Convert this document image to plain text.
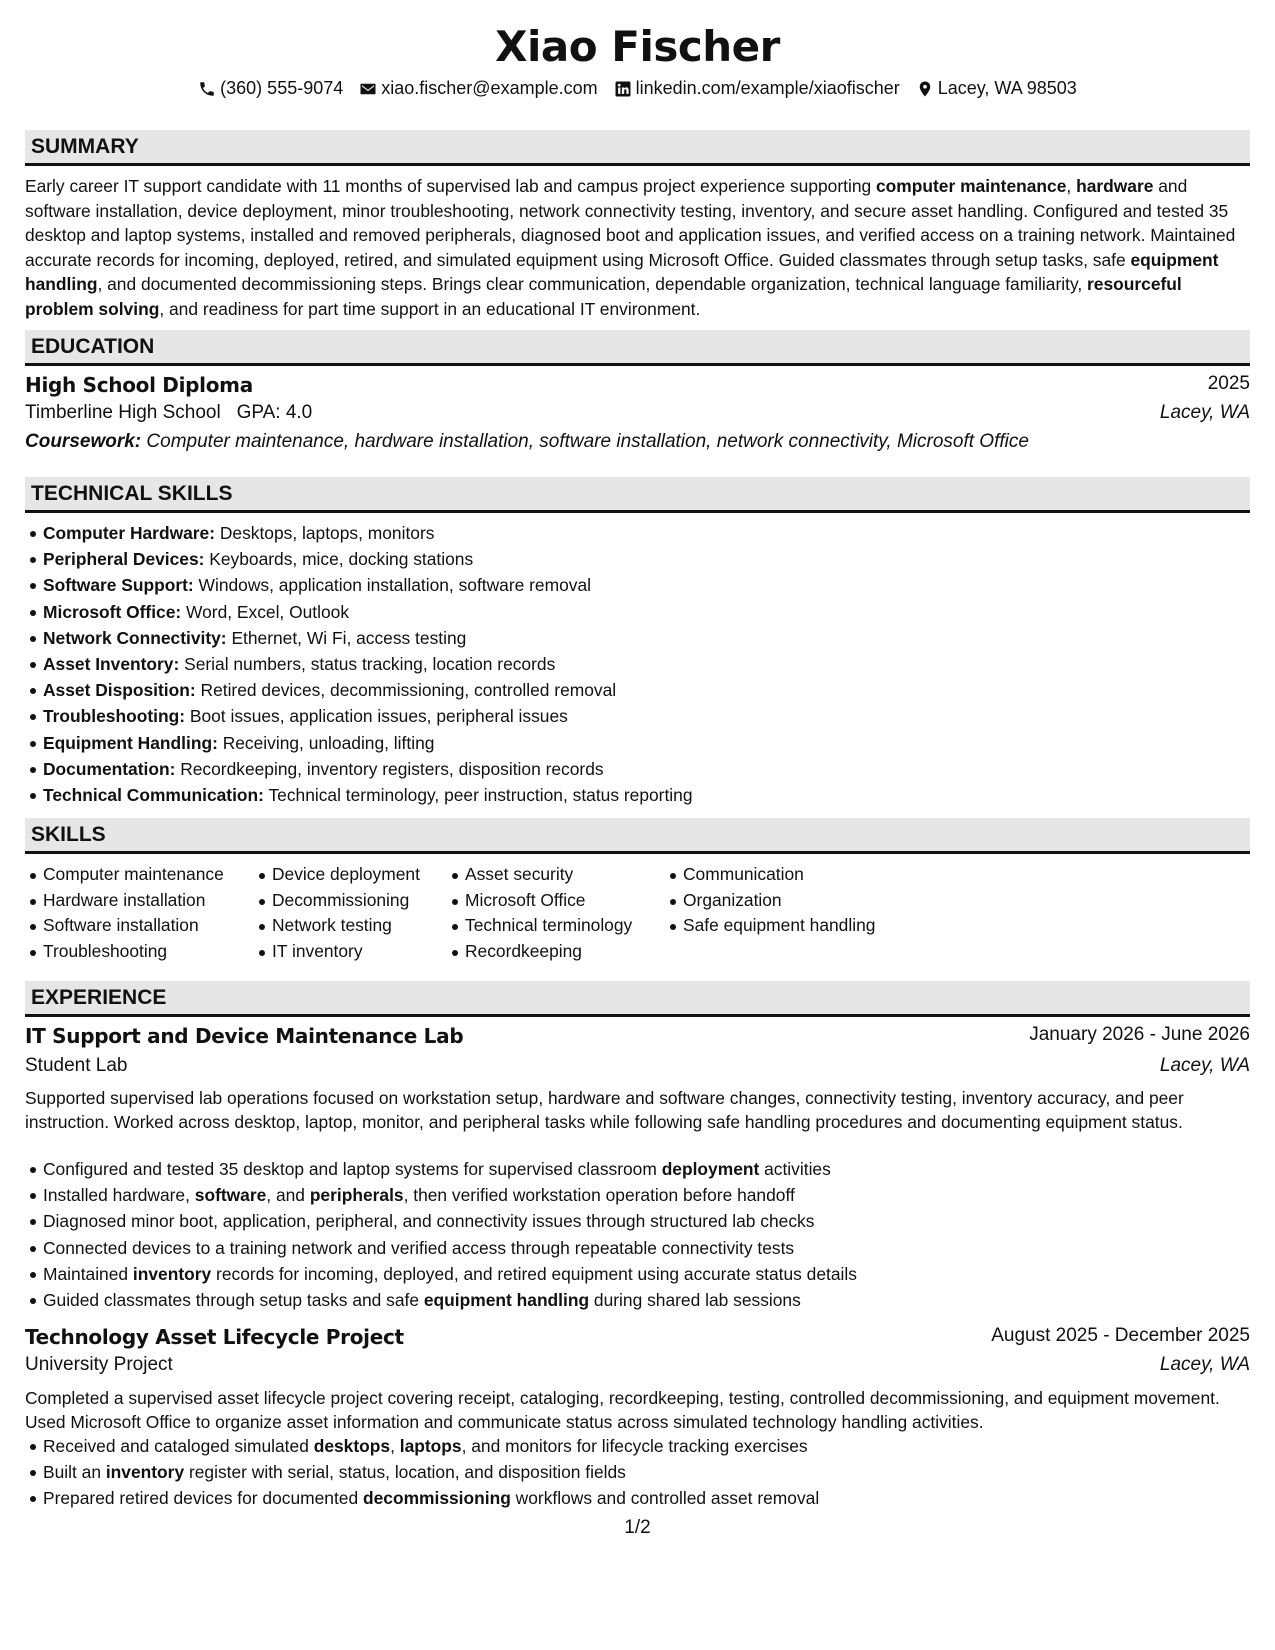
Xiao Fischer
(360) 555-9074 xiao.fischer@example.com linkedin.com/example/xiaofischer Lacey, WA 98503
SUMMARY

Early career IT support candidate with 11 months of supervised lab and campus project experience supporting computer maintenance, hardware and software installation, device deployment, minor troubleshooting, network connectivity testing, inventory, and secure asset handling. Configured and tested 35 desktop and laptop systems, installed and removed peripherals, diagnosed boot and application issues, and verified access on a training network. Maintained accurate records for incoming, deployed, retired, and simulated equipment using Microsoft Office. Guided classmates through setup tasks, safe equipment handling, and documented decommissioning steps. Brings clear communication, dependable organization, technical language familiarity, resourceful problem solving, and readiness for part time support in an educational IT environment.

EDUCATION
High School Diploma	2025
Timberline High School GPA: 4.0	Lacey, WA
Coursework: Computer maintenance, hardware installation, software installation, network connectivity, Microsoft Office
TECHNICAL SKILLS
Computer Hardware: Desktops, laptops, monitors
Peripheral Devices: Keyboards, mice, docking stations
Software Support: Windows, application installation, software removal
Microsoft Office: Word, Excel, Outlook
Network Connectivity: Ethernet, Wi Fi, access testing
Asset Inventory: Serial numbers, status tracking, location records
Asset Disposition: Retired devices, decommissioning, controlled removal
Troubleshooting: Boot issues, application issues, peripheral issues
Equipment Handling: Receiving, unloading, lifting
Documentation: Recordkeeping, inventory registers, disposition records
Technical Communication: Technical terminology, peer instruction, status reporting
SKILLS
Computer maintenance
Hardware installation
Software installation
Troubleshooting
Device deployment
Decommissioning
Network testing
IT inventory
Asset security
Microsoft Office
Technical terminology
Recordkeeping
Communication
Organization
Safe equipment handling
EXPERIENCE
IT Support and Device Maintenance Lab	January 2026 - June 2026
Student Lab	Lacey, WA

Supported supervised lab operations focused on workstation setup, hardware and software changes, connectivity testing, inventory accuracy, and peer instruction. Worked across desktop, laptop, monitor, and peripheral tasks while following safe handling procedures and documenting equipment status.

Configured and tested 35 desktop and laptop systems for supervised classroom deployment activities
Installed hardware, software, and peripherals, then verified workstation operation before handoff
Diagnosed minor boot, application, peripheral, and connectivity issues through structured lab checks
Connected devices to a training network and verified access through repeatable connectivity tests
Maintained inventory records for incoming, deployed, and retired equipment using accurate status details
Guided classmates through setup tasks and safe equipment handling during shared lab sessions
Technology Asset Lifecycle Project	August 2025 - December 2025
University Project	Lacey, WA

Completed a supervised asset lifecycle project covering receipt, cataloging, recordkeeping, testing, controlled decommissioning, and equipment movement. Used Microsoft Office to organize asset information and communicate status across simulated technology handling activities.

Received and cataloged simulated desktops, laptops, and monitors for lifecycle tracking exercises
Built an inventory register with serial, status, location, and disposition fields
Prepared retired devices for documented decommissioning workflows and controlled asset removal
1/2
